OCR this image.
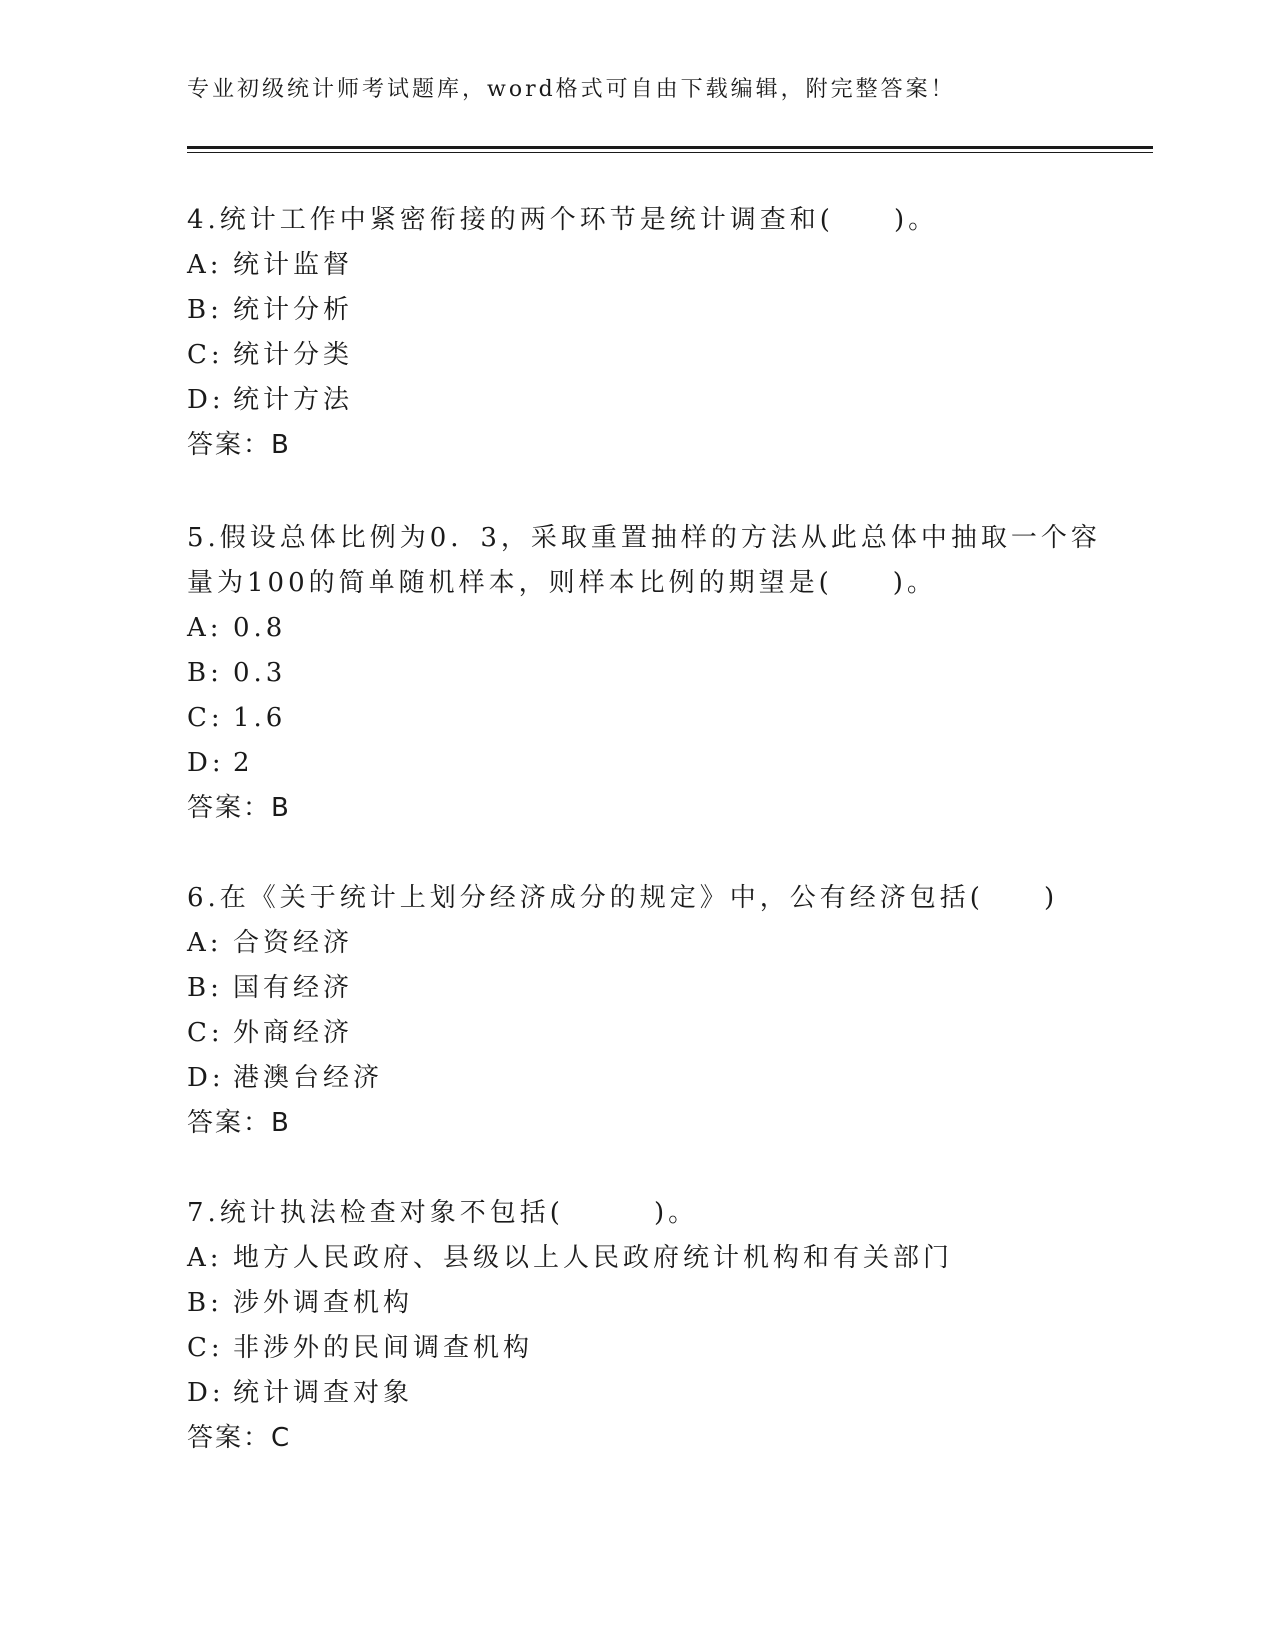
专业初级统计师考试题库，word格式可自由下载编辑，附完整答案！

4.统计工作中紧密衔接的两个环节是统计调查和(　　)。

A: 统计监督
B: 统计分析
C: 统计分类
D: 统计方法
答案：B

5.假设总体比例为0．3，采取重置抽样的方法从此总体中抽取一个容量为100的简单随机样本，则样本比例的期望是(　　)。

A: 0.8
B: 0.3
C: 1.6
D: 2
答案：B

6.在《关于统计上划分经济成分的规定》中，公有经济包括(　　)

A: 合资经济
B: 国有经济
C: 外商经济
D: 港澳台经济
答案：B

7.统计执法检查对象不包括(　　　)。

A: 地方人民政府、县级以上人民政府统计机构和有关部门
B: 涉外调查机构
C: 非涉外的民间调查机构
D: 统计调查对象
答案：C
